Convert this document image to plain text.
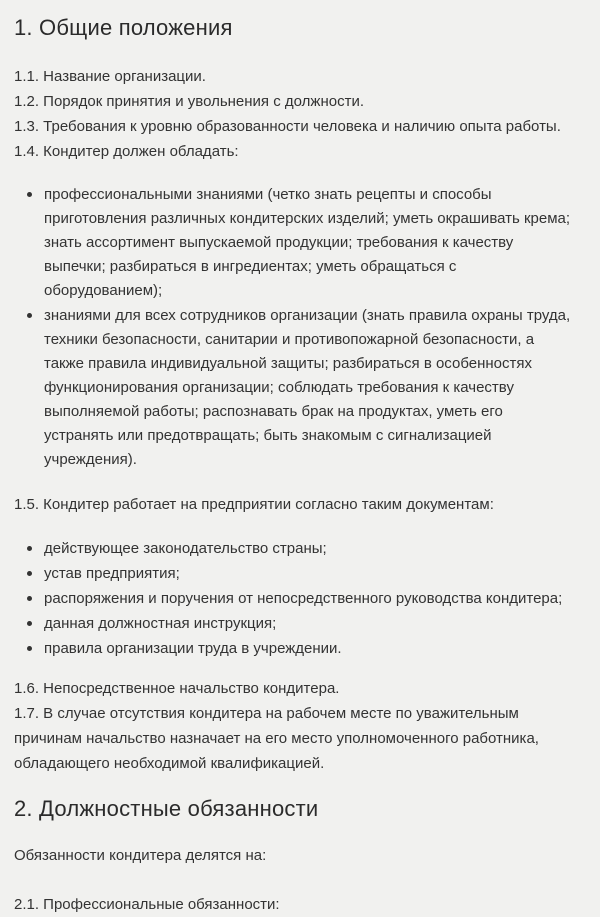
1. Общие положения

1.1. Название организации.

1.2. Порядок принятия и увольнения с должности.

1.3. Требования к уровню образованности человека и наличию опыта работы.

1.4. Кондитер должен обладать:

профессиональными знаниями (четко знать рецепты и способы приготовления различных кондитерских изделий; уметь окрашивать крема; знать ассортимент выпускаемой продукции; требования к качеству выпечки; разбираться в ингредиентах; уметь обращаться с оборудованием);
знаниями для всех сотрудников организации (знать правила охраны труда, техники безопасности, санитарии и противопожарной безопасности, а также правила индивидуальной защиты; разбираться в особенностях функционирования организации; соблюдать требования к качеству выполняемой работы; распознавать брак на продуктах, уметь его устранять или предотвращать; быть знакомым с сигнализацией учреждения).

1.5. Кондитер работает на предприятии согласно таким документам:

действующее законодательство страны;
устав предприятия;
распоряжения и поручения от непосредственного руководства кондитера;
данная должностная инструкция;
правила организации труда в учреждении.

1.6. Непосредственное начальство кондитера.

1.7. В случае отсутствия кондитера на рабочем месте по уважительным причинам начальство назначает на его место уполномоченного работника, обладающего необходимой квалификацией.

2. Должностные обязанности

Обязанности кондитера делятся на:

2.1. Профессиональные обязанности:
